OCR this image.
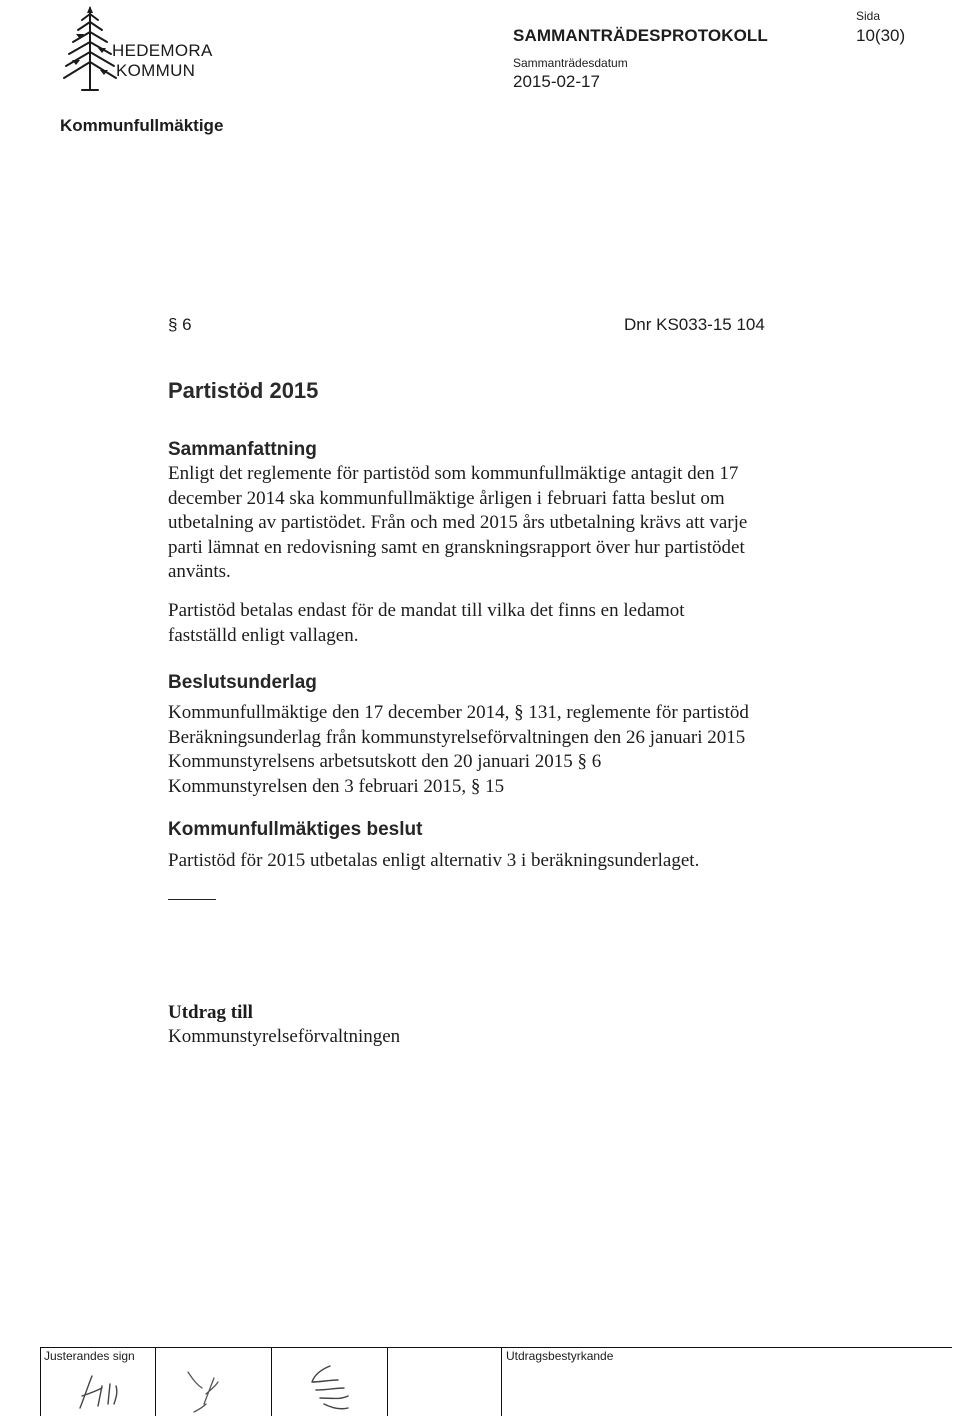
HEDEMORA
KOMMUN
SAMMANTRÄDESPROTOKOLL
Sammanträdesdatum
2015-02-17
Sida
10(30)
Kommunfullmäktige
§ 6	Dnr KS033-15 104
Partistöd 2015
Sammanfattning
Enligt det reglemente för partistöd som kommunfullmäktige antagit den 17
december 2014 ska kommunfullmäktige årligen i februari fatta beslut om
utbetalning av partistödet. Från och med 2015 års utbetalning krävs att varje
parti lämnat en redovisning samt en granskningsrapport över hur partistödet
använts.
Partistöd betalas endast för de mandat till vilka det finns en ledamot
fastställd enligt vallagen.
Beslutsunderlag
Kommunfullmäktige den 17 december 2014, § 131, reglemente för partistöd
Beräkningsunderlag från kommunstyrelseförvaltningen den 26 januari 2015
Kommunstyrelsens arbetsutskott den 20 januari 2015 § 6
Kommunstyrelsen den 3 februari 2015, § 15
Kommunfullmäktiges beslut
Partistöd för 2015 utbetalas enligt alternativ 3 i beräkningsunderlaget.
Utdrag till
Kommunstyrelseförvaltningen
Justerandes sign	Utdragsbestyrkande
